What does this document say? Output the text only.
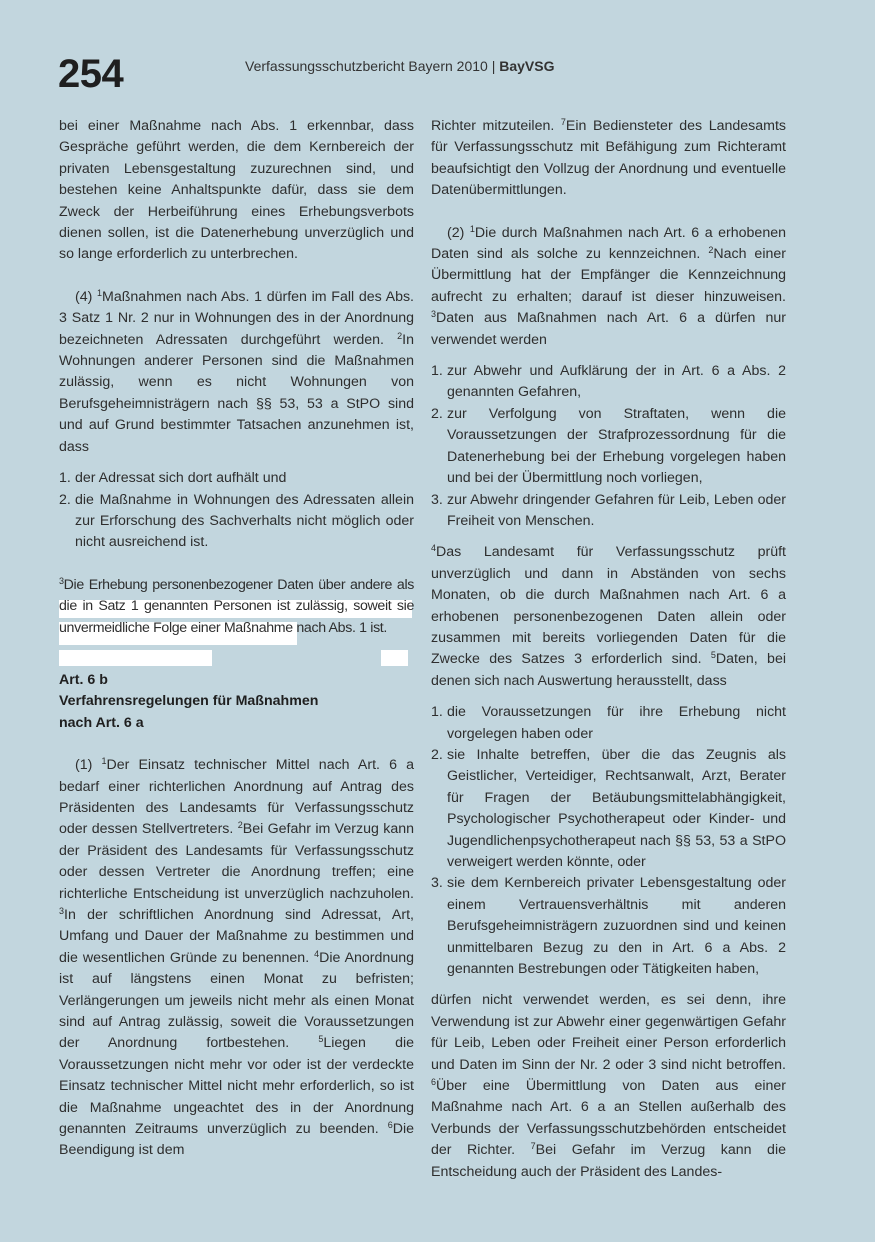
254	Verfassungsschutzbericht Bayern 2010 | BayVSG

bei einer Maßnahme nach Abs. 1 erkennbar, dass Gespräche geführt werden, die dem Kernbereich der privaten Lebensgestaltung zuzurechnen sind, und bestehen keine Anhaltspunkte dafür, dass sie dem Zweck der Herbeiführung eines Erhebungsverbots dienen sollen, ist die Datenerhebung unverzüglich und so lange erforderlich zu unterbrechen.

(4) $^1$Maßnahmen nach Abs. 1 dürfen im Fall des Abs. 3 Satz 1 Nr. 2 nur in Wohnungen des in der Anordnung bezeichneten Adressaten durchgeführt werden. $^2$In Wohnungen anderer Personen sind die Maßnahmen zulässig, wenn es nicht Wohnungen von Berufsgeheimnisträgern nach §§ 53, 53 a StPO sind und auf Grund bestimmter Tatsachen anzunehmen ist, dass

1. der Adressat sich dort aufhält und
2. die Maßnahme in Wohnungen des Adressaten allein zur Erforschung des Sachverhalts nicht möglich oder nicht ausreichend ist.

$^3$Die Erhebung personenbezogener Daten über andere als die in Satz 1 genannten Personen ist zulässig, soweit sie unvermeidliche Folge einer Maßnahme nach Abs. 1 ist.

Art. 6 b

Verfahrensregelungen für Maßnahmen

nach Art. 6 a

(1) $^1$Der Einsatz technischer Mittel nach Art. 6 a bedarf einer richterlichen Anordnung auf Antrag des Präsidenten des Landesamts für Verfassungsschutz oder dessen Stellvertreters. $^2$Bei Gefahr im Verzug kann der Präsident des Landesamts für Verfassungsschutz oder dessen Vertreter die Anordnung treffen; eine richterliche Entscheidung ist unverzüglich nachzuholen. $^3$In der schriftlichen Anordnung sind Adressat, Art, Umfang und Dauer der Maßnahme zu bestimmen und die wesentlichen Gründe zu benennen. $^4$Die Anordnung ist auf längstens einen Monat zu befristen; Verlängerungen um jeweils nicht mehr als einen Monat sind auf Antrag zulässig, soweit die Voraussetzungen der Anordnung fortbestehen. $^5$Liegen die Voraussetzungen nicht mehr vor oder ist der verdeckte Einsatz technischer Mittel nicht mehr erforderlich, so ist die Maßnahme ungeachtet des in der Anordnung genannten Zeitraums unverzüglich zu beenden. $^6$Die Beendigung ist dem

Richter mitzuteilen. $^7$Ein Bediensteter des Landesamts für Verfassungsschutz mit Befähigung zum Richteramt beaufsichtigt den Vollzug der Anordnung und eventuelle Datenübermittlungen.

(2) $^1$Die durch Maßnahmen nach Art. 6 a erhobenen Daten sind als solche zu kennzeichnen. $^2$Nach einer Übermittlung hat der Empfänger die Kennzeichnung aufrecht zu erhalten; darauf ist dieser hinzuweisen. $^3$Daten aus Maßnahmen nach Art. 6 a dürfen nur verwendet werden

1. zur Abwehr und Aufklärung der in Art. 6 a Abs. 2 genannten Gefahren,
2. zur Verfolgung von Straftaten, wenn die Voraussetzungen der Strafprozessordnung für die Datenerhebung bei der Erhebung vorgelegen haben und bei der Übermittlung noch vorliegen,
3. zur Abwehr dringender Gefahren für Leib, Leben oder Freiheit von Menschen.

$^4$Das Landesamt für Verfassungsschutz prüft unverzüglich und dann in Abständen von sechs Monaten, ob die durch Maßnahmen nach Art. 6 a erhobenen personenbezogenen Daten allein oder zusammen mit bereits vorliegenden Daten für die Zwecke des Satzes 3 erforderlich sind. $^5$Daten, bei denen sich nach Auswertung herausstellt, dass

1. die Voraussetzungen für ihre Erhebung nicht vorgelegen haben oder
2. sie Inhalte betreffen, über die das Zeugnis als Geistlicher, Verteidiger, Rechtsanwalt, Arzt, Berater für Fragen der Betäubungsmittelabhängigkeit, Psychologischer Psychotherapeut oder Kinder- und Jugendlichenpsychotherapeut nach §§ 53, 53 a StPO verweigert werden könnte, oder
3. sie dem Kernbereich privater Lebensgestaltung oder einem Vertrauensverhältnis mit anderen Berufsgeheimnisträgern zuzuordnen sind und keinen unmittelbaren Bezug zu den in Art. 6 a Abs. 2 genannten Bestrebungen oder Tätigkeiten haben,

dürfen nicht verwendet werden, es sei denn, ihre Verwendung ist zur Abwehr einer gegenwärtigen Gefahr für Leib, Leben oder Freiheit einer Person erforderlich und Daten im Sinn der Nr. 2 oder 3 sind nicht betroffen. $^6$Über eine Übermittlung von Daten aus einer Maßnahme nach Art. 6 a an Stellen außerhalb des Verbunds der Verfassungsschutzbehörden entscheidet der Richter. $^7$Bei Gefahr im Verzug kann die Entscheidung auch der Präsident des Landes-
